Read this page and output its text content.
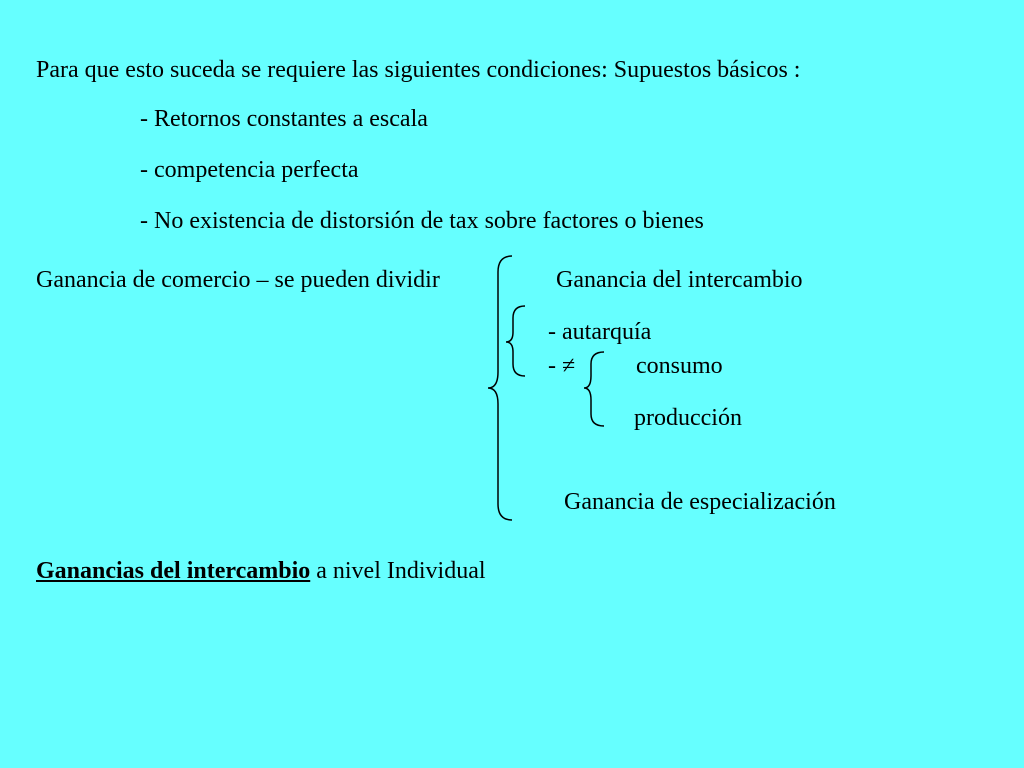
Para que esto suceda se requiere las siguientes condiciones: Supuestos básicos :
- Retornos constantes a escala
- competencia perfecta
- No existencia de distorsión de tax sobre factores o bienes
Ganancia de comercio – se pueden dividir	Ganancia del intercambio
- autarquía
- ≠	consumo
producción
Ganancia de especialización
Ganancias del intercambio a nivel Individual
